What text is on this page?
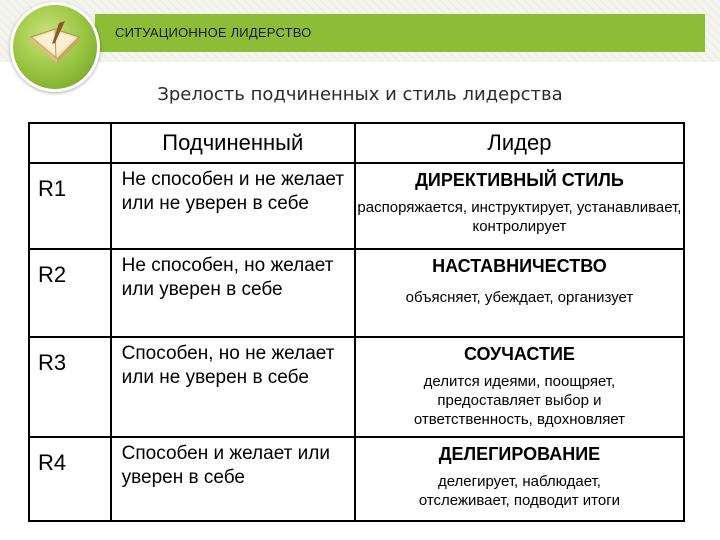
СИТУАЦИОННОЕ ЛИДЕРСТВО
Зрелость подчиненных и стиль лидерства
	Подчиненный	Лидер
R1	Не способен и не желает или не уверен в себе	ДИРЕКТИВНЫЙ СТИЛЬ
распоряжается, инструктирует, устанавливает, контролирует

R2	Не способен, но желает или уверен в себе	НАСТАВНИЧЕСТВО
объясняет, убеждает, организует

R3	Способен, но не желает или не уверен в себе	СОУЧАСТИЕ
делится идеями, поощряет, предоставляет выбор и ответственность, вдохновляет

R4	Способен и желает или уверен в себе	ДЕЛЕГИРОВАНИЕ
делегирует, наблюдает, отслеживает, подводит итоги
